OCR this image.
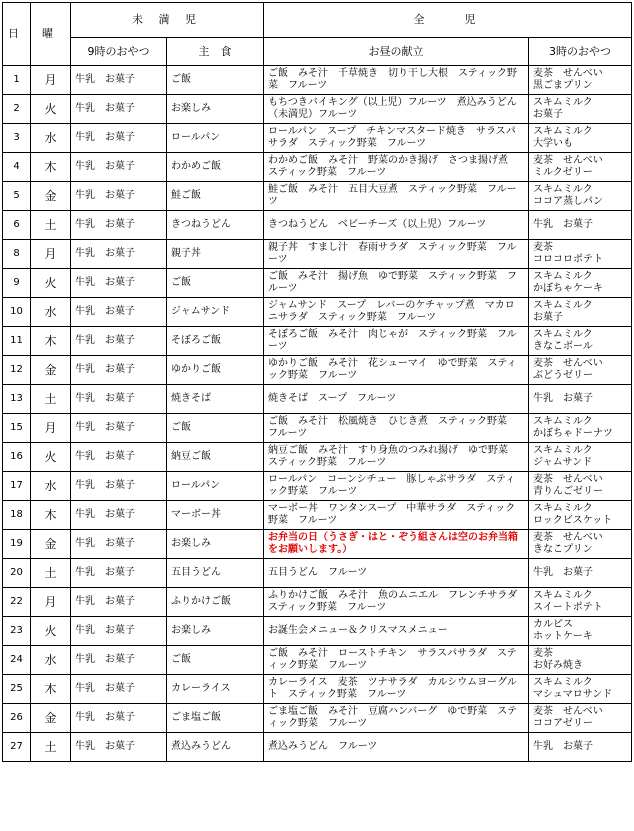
日	曜	未 満 児		全　　児	
		9時のおやつ	主　食	お昼の献立	3時のおやつ
1	月	牛乳　お菓子	ご飯	ご飯　みそ汁　千草焼き　切り干し大根　スティック野菜　フルーツ	麦茶　せんべい
黒ごまプリン

2	火	牛乳　お菓子	お楽しみ	もちつきバイキング（以上児）フルーツ　煮込みうどん（未満児）フルーツ	スキムミルク
お菓子

3	水	牛乳　お菓子	ロールパン	ロールパン　スープ　チキンマスタード焼き　サラスパサラダ　スティック野菜　フルーツ	スキムミルク
大学いも

4	木	牛乳　お菓子	わかめご飯	わかめご飯　みそ汁　野菜のかき揚げ　さつま揚げ煮　スティック野菜　フルーツ	麦茶　せんべい
ミルクゼリー

5	金	牛乳　お菓子	鮭ご飯	鮭ご飯　みそ汁　五目大豆煮　スティック野菜　フルーツ	スキムミルク
ココア蒸しパン

6	土	牛乳　お菓子	きつねうどん	きつねうどん　ベビーチーズ（以上児）フルーツ	牛乳　お菓子

8	月	牛乳　お菓子	親子丼	親子丼　すまし汁　春雨サラダ　スティック野菜　フルーツ	麦茶
コロコロポテト

9	火	牛乳　お菓子	ご飯	ご飯　みそ汁　揚げ魚　ゆで野菜　スティック野菜　フルーツ	スキムミルク
かぼちゃケーキ

10	水	牛乳　お菓子	ジャムサンド	ジャムサンド　スープ　レバーのケチャップ煮　マカロニサラダ　スティック野菜　フルーツ	スキムミルク
お菓子

11	木	牛乳　お菓子	そぼろご飯	そぼろご飯　みそ汁　肉じゃが　スティック野菜　フルーツ	スキムミルク
きなこボール

12	金	牛乳　お菓子	ゆかりご飯	ゆかりご飯　みそ汁　花シューマイ　ゆで野菜　スティック野菜　フルーツ	麦茶　せんべい
ぶどうゼリー

13	土	牛乳　お菓子	焼きそば	焼きそば　スープ　フルーツ	牛乳　お菓子

15	月	牛乳　お菓子	ご飯	ご飯　みそ汁　松風焼き　ひじき煮　スティック野菜　フルーツ	スキムミルク
かぼちゃドーナツ

16	火	牛乳　お菓子	納豆ご飯	納豆ご飯　みそ汁　すり身魚のつみれ揚げ　ゆで野菜　スティック野菜　フルーツ	スキムミルク
ジャムサンド

17	水	牛乳　お菓子	ロールパン	ロールパン　コーンシチュー　豚しゃぶサラダ　スティック野菜　フルーツ	麦茶　せんべい
青りんごゼリー

18	木	牛乳　お菓子	マーボー丼	マーボー丼　ワンタンスープ　中華サラダ　スティック野菜　フルーツ	スキムミルク
ロックビスケット

19	金	牛乳　お菓子	お楽しみ	お弁当の日（うさぎ・はと・ぞう組さんは空のお弁当箱をお願いします。）	麦茶　せんべい
きなこプリン

20	土	牛乳　お菓子	五目うどん	五目うどん　フルーツ	牛乳　お菓子

22	月	牛乳　お菓子	ふりかけご飯	ふりかけご飯　みそ汁　魚のムニエル　フレンチサラダ　スティック野菜　フルーツ	スキムミルク
スイートポテト

23	火	牛乳　お菓子	お楽しみ	お誕生会メニュー＆クリスマスメニュー	カルピス
ホットケーキ

24	水	牛乳　お菓子	ご飯	ご飯　みそ汁　ローストチキン　サラスパサラダ　スティック野菜　フルーツ	麦茶
お好み焼き

25	木	牛乳　お菓子	カレーライス	カレーライス　麦茶　ツナサラダ　カルシウムヨーグルト　スティック野菜　フルーツ	スキムミルク
マシュマロサンド

26	金	牛乳　お菓子	ごま塩ご飯	ごま塩ご飯　みそ汁　豆腐ハンバーグ　ゆで野菜　スティック野菜　フルーツ	麦茶　せんべい
ココアゼリー

27	土	牛乳　お菓子	煮込みうどん	煮込みうどん　フルーツ	牛乳　お菓子
